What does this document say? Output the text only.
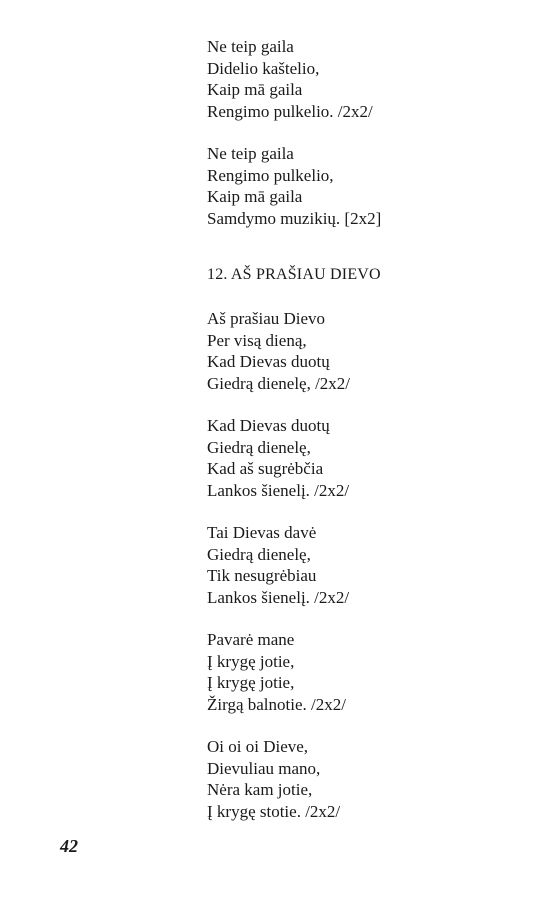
Ne teip gaila
Didelio kaštelio,
Kaip mā gaila
Rengimo pulkelio. /2x2/
Ne teip gaila
Rengimo pulkelio,
Kaip mā gaila
Samdymo muzikių. [2x2]
12. AŠ PRAŠIAU DIEVO
Aš prašiau Dievo
Per visą dieną,
Kad Dievas duotų
Giedrą dienelę, /2x2/
Kad Dievas duotų
Giedrą dienelę,
Kad aš sugrėbčia
Lankos šienelį. /2x2/
Tai Dievas davė
Giedrą dienelę,
Tik nesugrėbiau
Lankos šienelį. /2x2/
Pavarė mane
Į krygę jotie,
Į krygę jotie,
Žirgą balnotie. /2x2/
Oi oi oi Dieve,
Dievuliau mano,
Nėra kam jotie,
Į krygę stotie. /2x2/
42
